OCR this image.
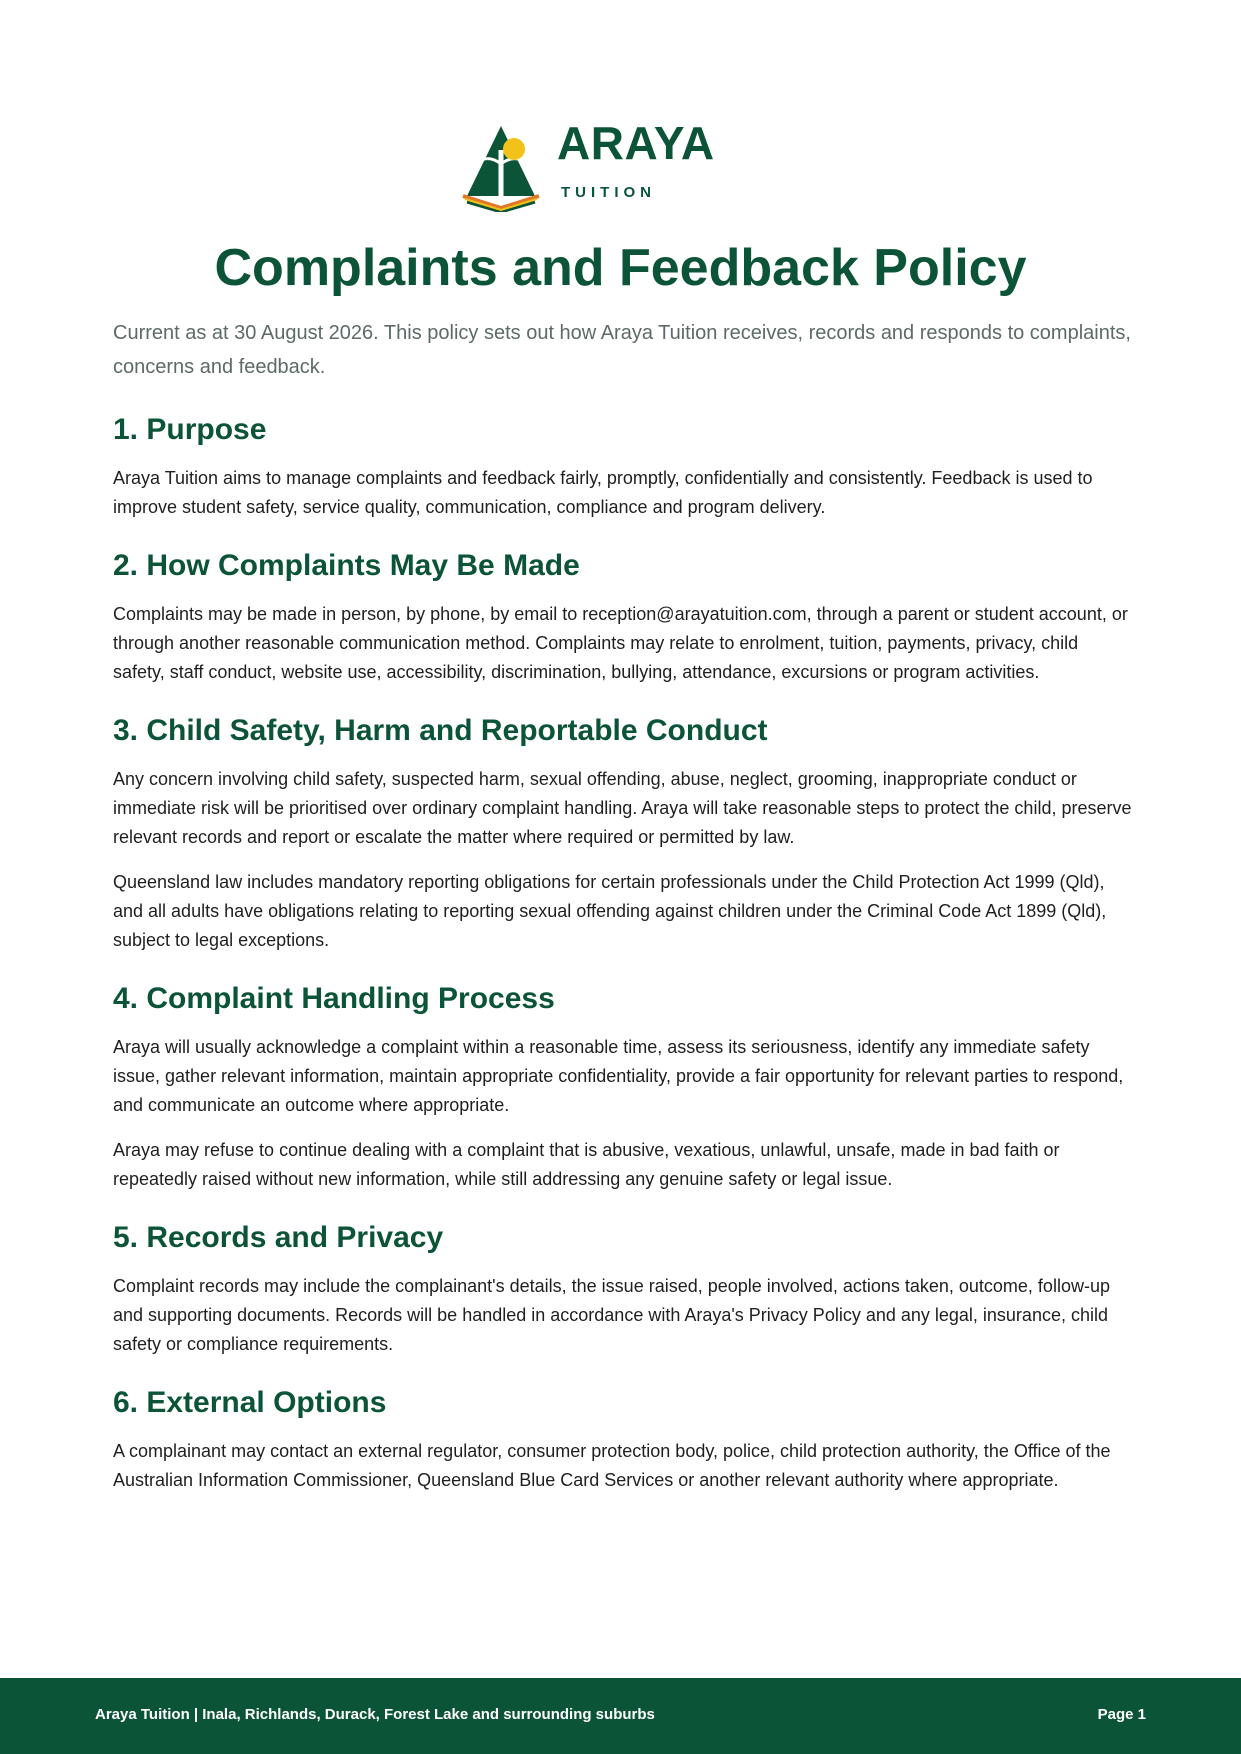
ARAYA
TUITION
Complaints and Feedback Policy

Current as at 30 August 2026. This policy sets out how Araya Tuition receives, records and responds to complaints, concerns and feedback.

1. Purpose

Araya Tuition aims to manage complaints and feedback fairly, promptly, confidentially and consistently. Feedback is used to improve student safety, service quality, communication, compliance and program delivery.

2. How Complaints May Be Made

Complaints may be made in person, by phone, by email to reception@arayatuition.com, through a parent or student account, or through another reasonable communication method. Complaints may relate to enrolment, tuition, payments, privacy, child safety, staff conduct, website use, accessibility, discrimination, bullying, attendance, excursions or program activities.

3. Child Safety, Harm and Reportable Conduct

Any concern involving child safety, suspected harm, sexual offending, abuse, neglect, grooming, inappropriate conduct or immediate risk will be prioritised over ordinary complaint handling. Araya will take reasonable steps to protect the child, preserve relevant records and report or escalate the matter where required or permitted by law.

Queensland law includes mandatory reporting obligations for certain professionals under the Child Protection Act 1999 (Qld), and all adults have obligations relating to reporting sexual offending against children under the Criminal Code Act 1899 (Qld), subject to legal exceptions.

4. Complaint Handling Process

Araya will usually acknowledge a complaint within a reasonable time, assess its seriousness, identify any immediate safety issue, gather relevant information, maintain appropriate confidentiality, provide a fair opportunity for relevant parties to respond, and communicate an outcome where appropriate.

Araya may refuse to continue dealing with a complaint that is abusive, vexatious, unlawful, unsafe, made in bad faith or repeatedly raised without new information, while still addressing any genuine safety or legal issue.

5. Records and Privacy

Complaint records may include the complainant's details, the issue raised, people involved, actions taken, outcome, follow-up and supporting documents. Records will be handled in accordance with Araya's Privacy Policy and any legal, insurance, child safety or compliance requirements.

6. External Options

A complainant may contact an external regulator, consumer protection body, police, child protection authority, the Office of the Australian Information Commissioner, Queensland Blue Card Services or another relevant authority where appropriate.

Araya Tuition | Inala, Richlands, Durack, Forest Lake and surrounding suburbs	Page 1
